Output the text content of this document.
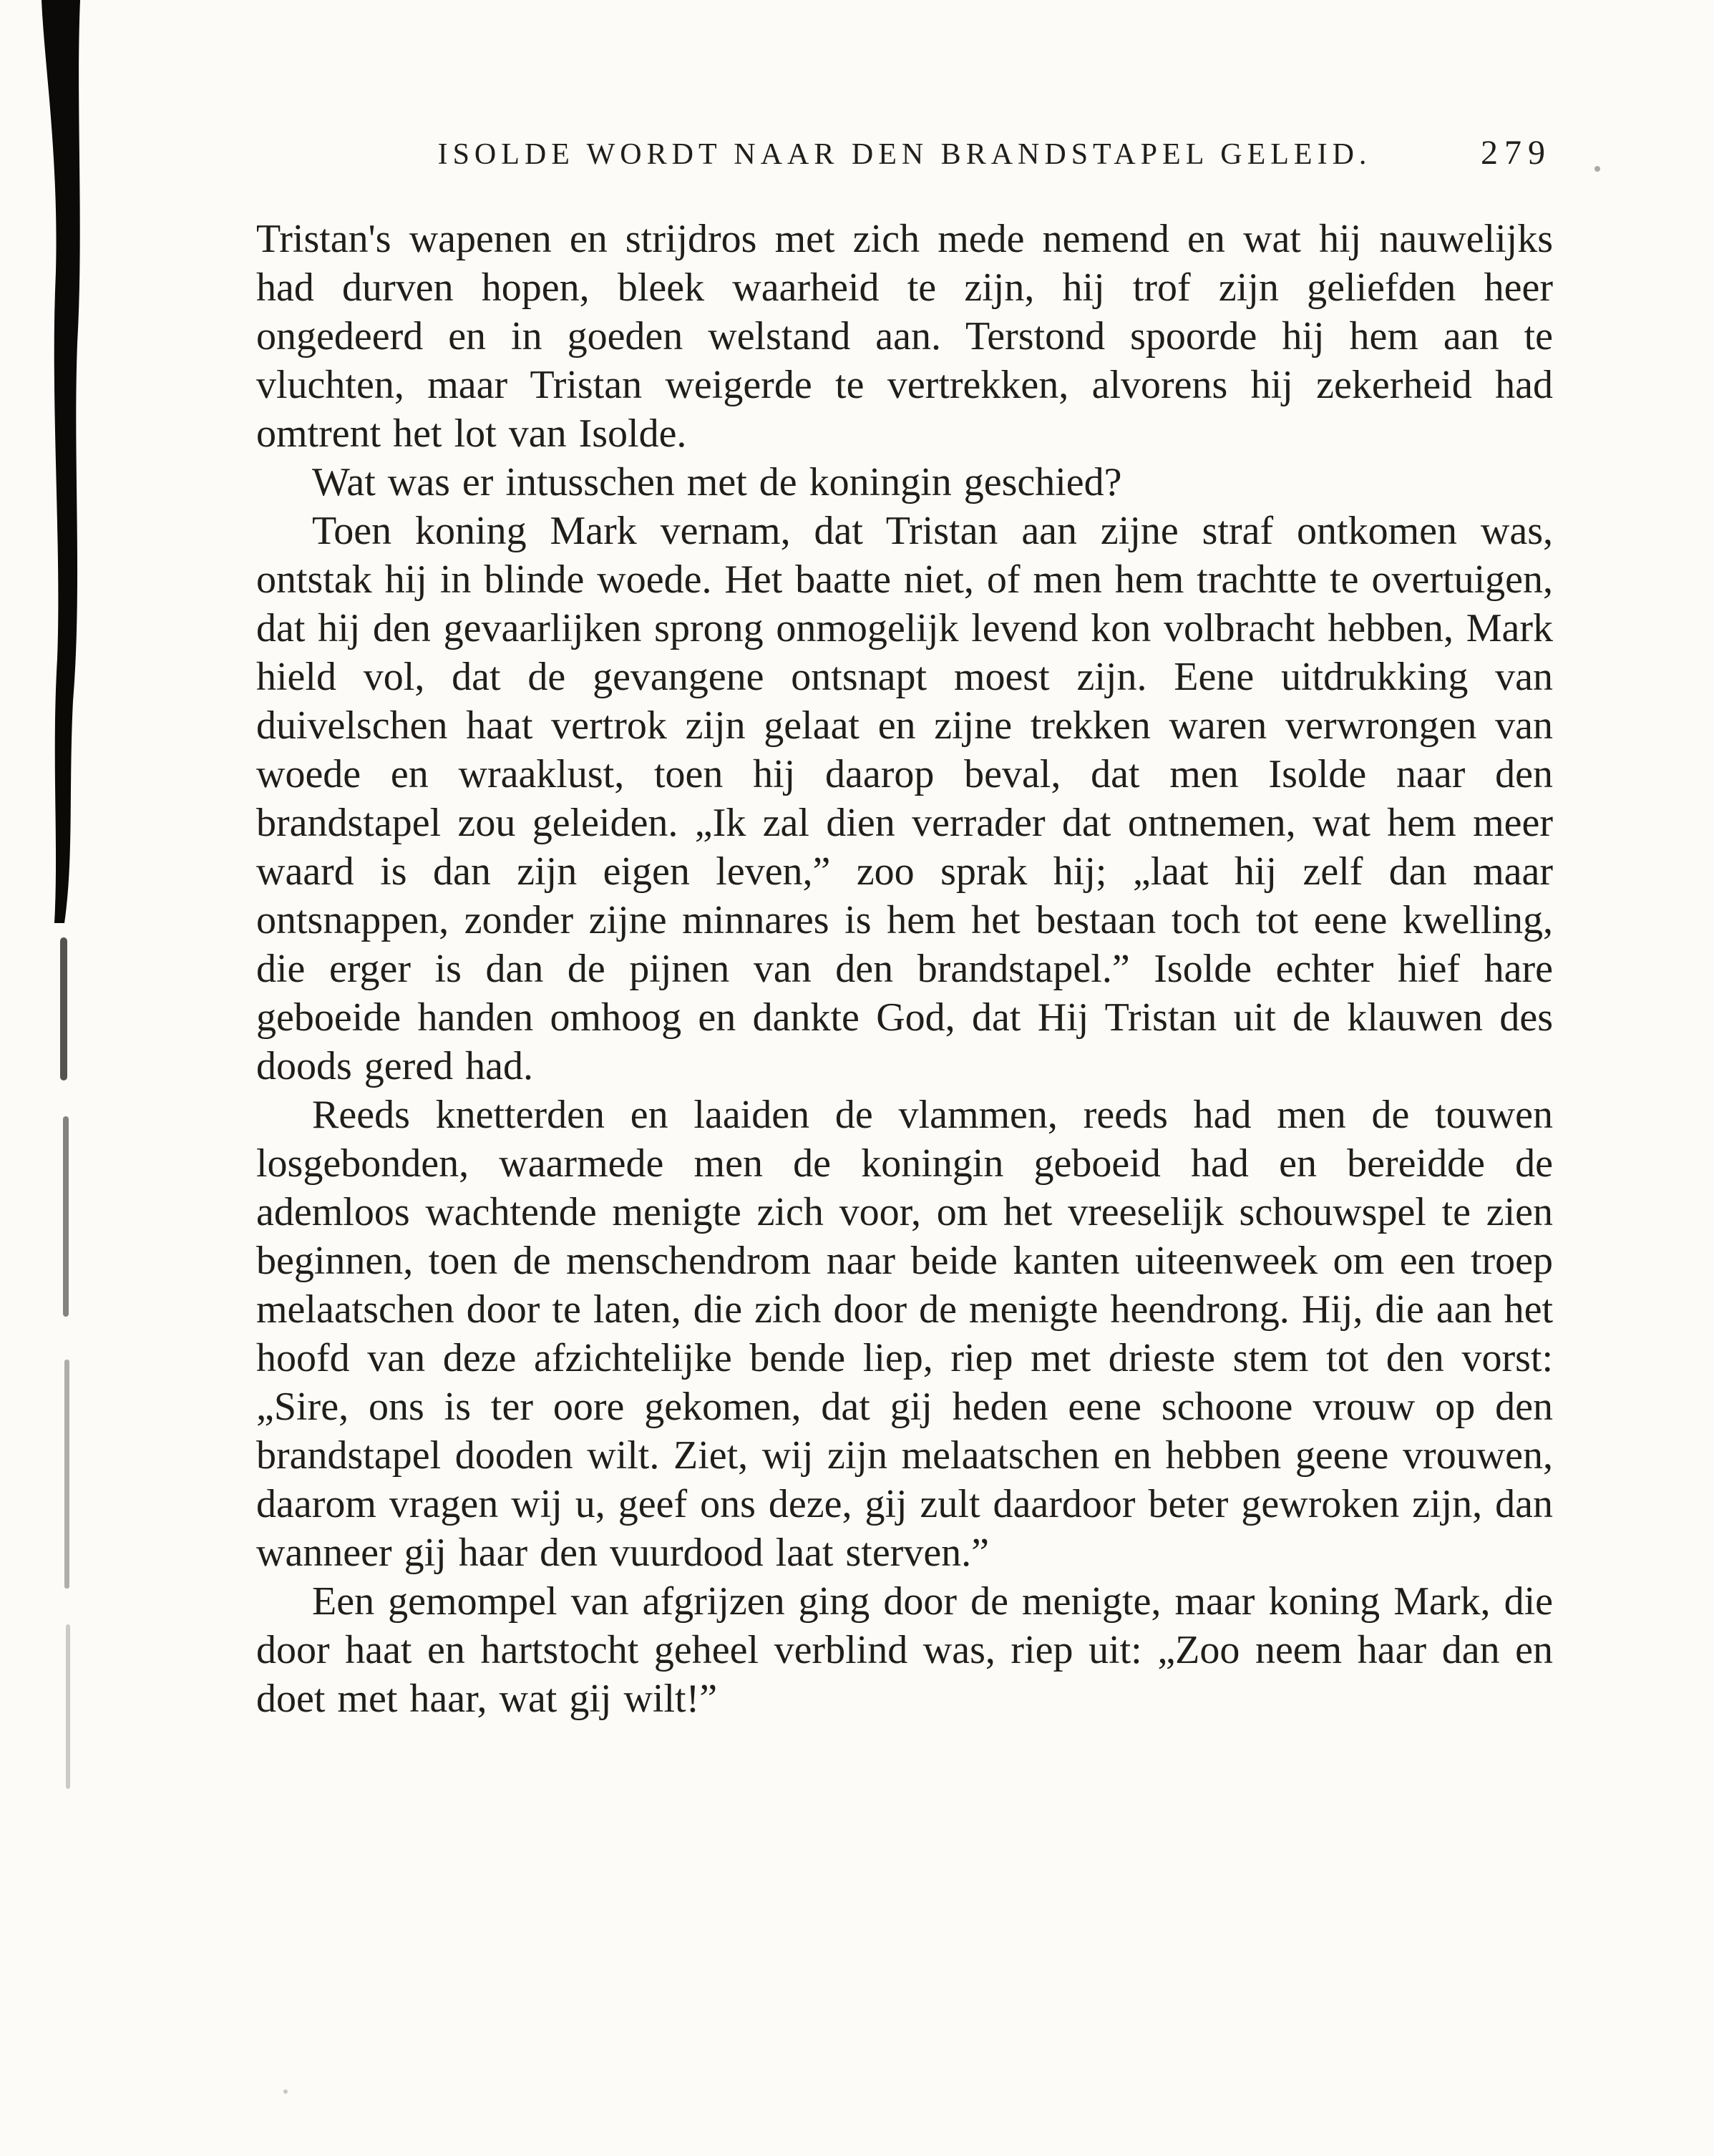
ISOLDE WORDT NAAR DEN BRANDSTAPEL GELEID.	279

Tristan's wapenen en strijdros met zich mede nemend en wat hij nauwelijks had durven hopen, bleek waarheid te zijn, hij trof zijn geliefden heer ongedeerd en in goeden welstand aan. Terstond spoorde hij hem aan te vluchten, maar Tristan weigerde te vertrekken, alvorens hij zekerheid had omtrent het lot van Isolde.

Wat was er intusschen met de koningin geschied?

Toen koning Mark vernam, dat Tristan aan zijne straf ontkomen was, ontstak hij in blinde woede. Het baatte niet, of men hem trachtte te overtuigen, dat hij den gevaarlijken sprong onmogelijk levend kon volbracht hebben, Mark hield vol, dat de gevangene ontsnapt moest zijn. Eene uitdrukking van duivelschen haat vertrok zijn gelaat en zijne trekken waren verwrongen van woede en wraaklust, toen hij daarop beval, dat men Isolde naar den brandstapel zou geleiden. „Ik zal dien verrader dat ontnemen, wat hem meer waard is dan zijn eigen leven,” zoo sprak hij; „laat hij zelf dan maar ontsnappen, zonder zijne minnares is hem het bestaan toch tot eene kwelling, die erger is dan de pijnen van den brandstapel.” Isolde echter hief hare geboeide handen omhoog en dankte God, dat Hij Tristan uit de klauwen des doods gered had.

Reeds knetterden en laaiden de vlammen, reeds had men de touwen losgebonden, waarmede men de koningin geboeid had en bereidde de ademloos wachtende menigte zich voor, om het vreeselijk schouwspel te zien beginnen, toen de menschendrom naar beide kanten uiteenweek om een troep melaatschen door te laten, die zich door de menigte heendrong. Hij, die aan het hoofd van deze afzichtelijke bende liep, riep met drieste stem tot den vorst: „Sire, ons is ter oore gekomen, dat gij heden eene schoone vrouw op den brandstapel dooden wilt. Ziet, wij zijn melaatschen en hebben geene vrouwen, daarom vragen wij u, geef ons deze, gij zult daardoor beter gewroken zijn, dan wanneer gij haar den vuurdood laat sterven.”

Een gemompel van afgrijzen ging door de menigte, maar koning Mark, die door haat en hartstocht geheel verblind was, riep uit: „Zoo neem haar dan en doet met haar, wat gij wilt!”
